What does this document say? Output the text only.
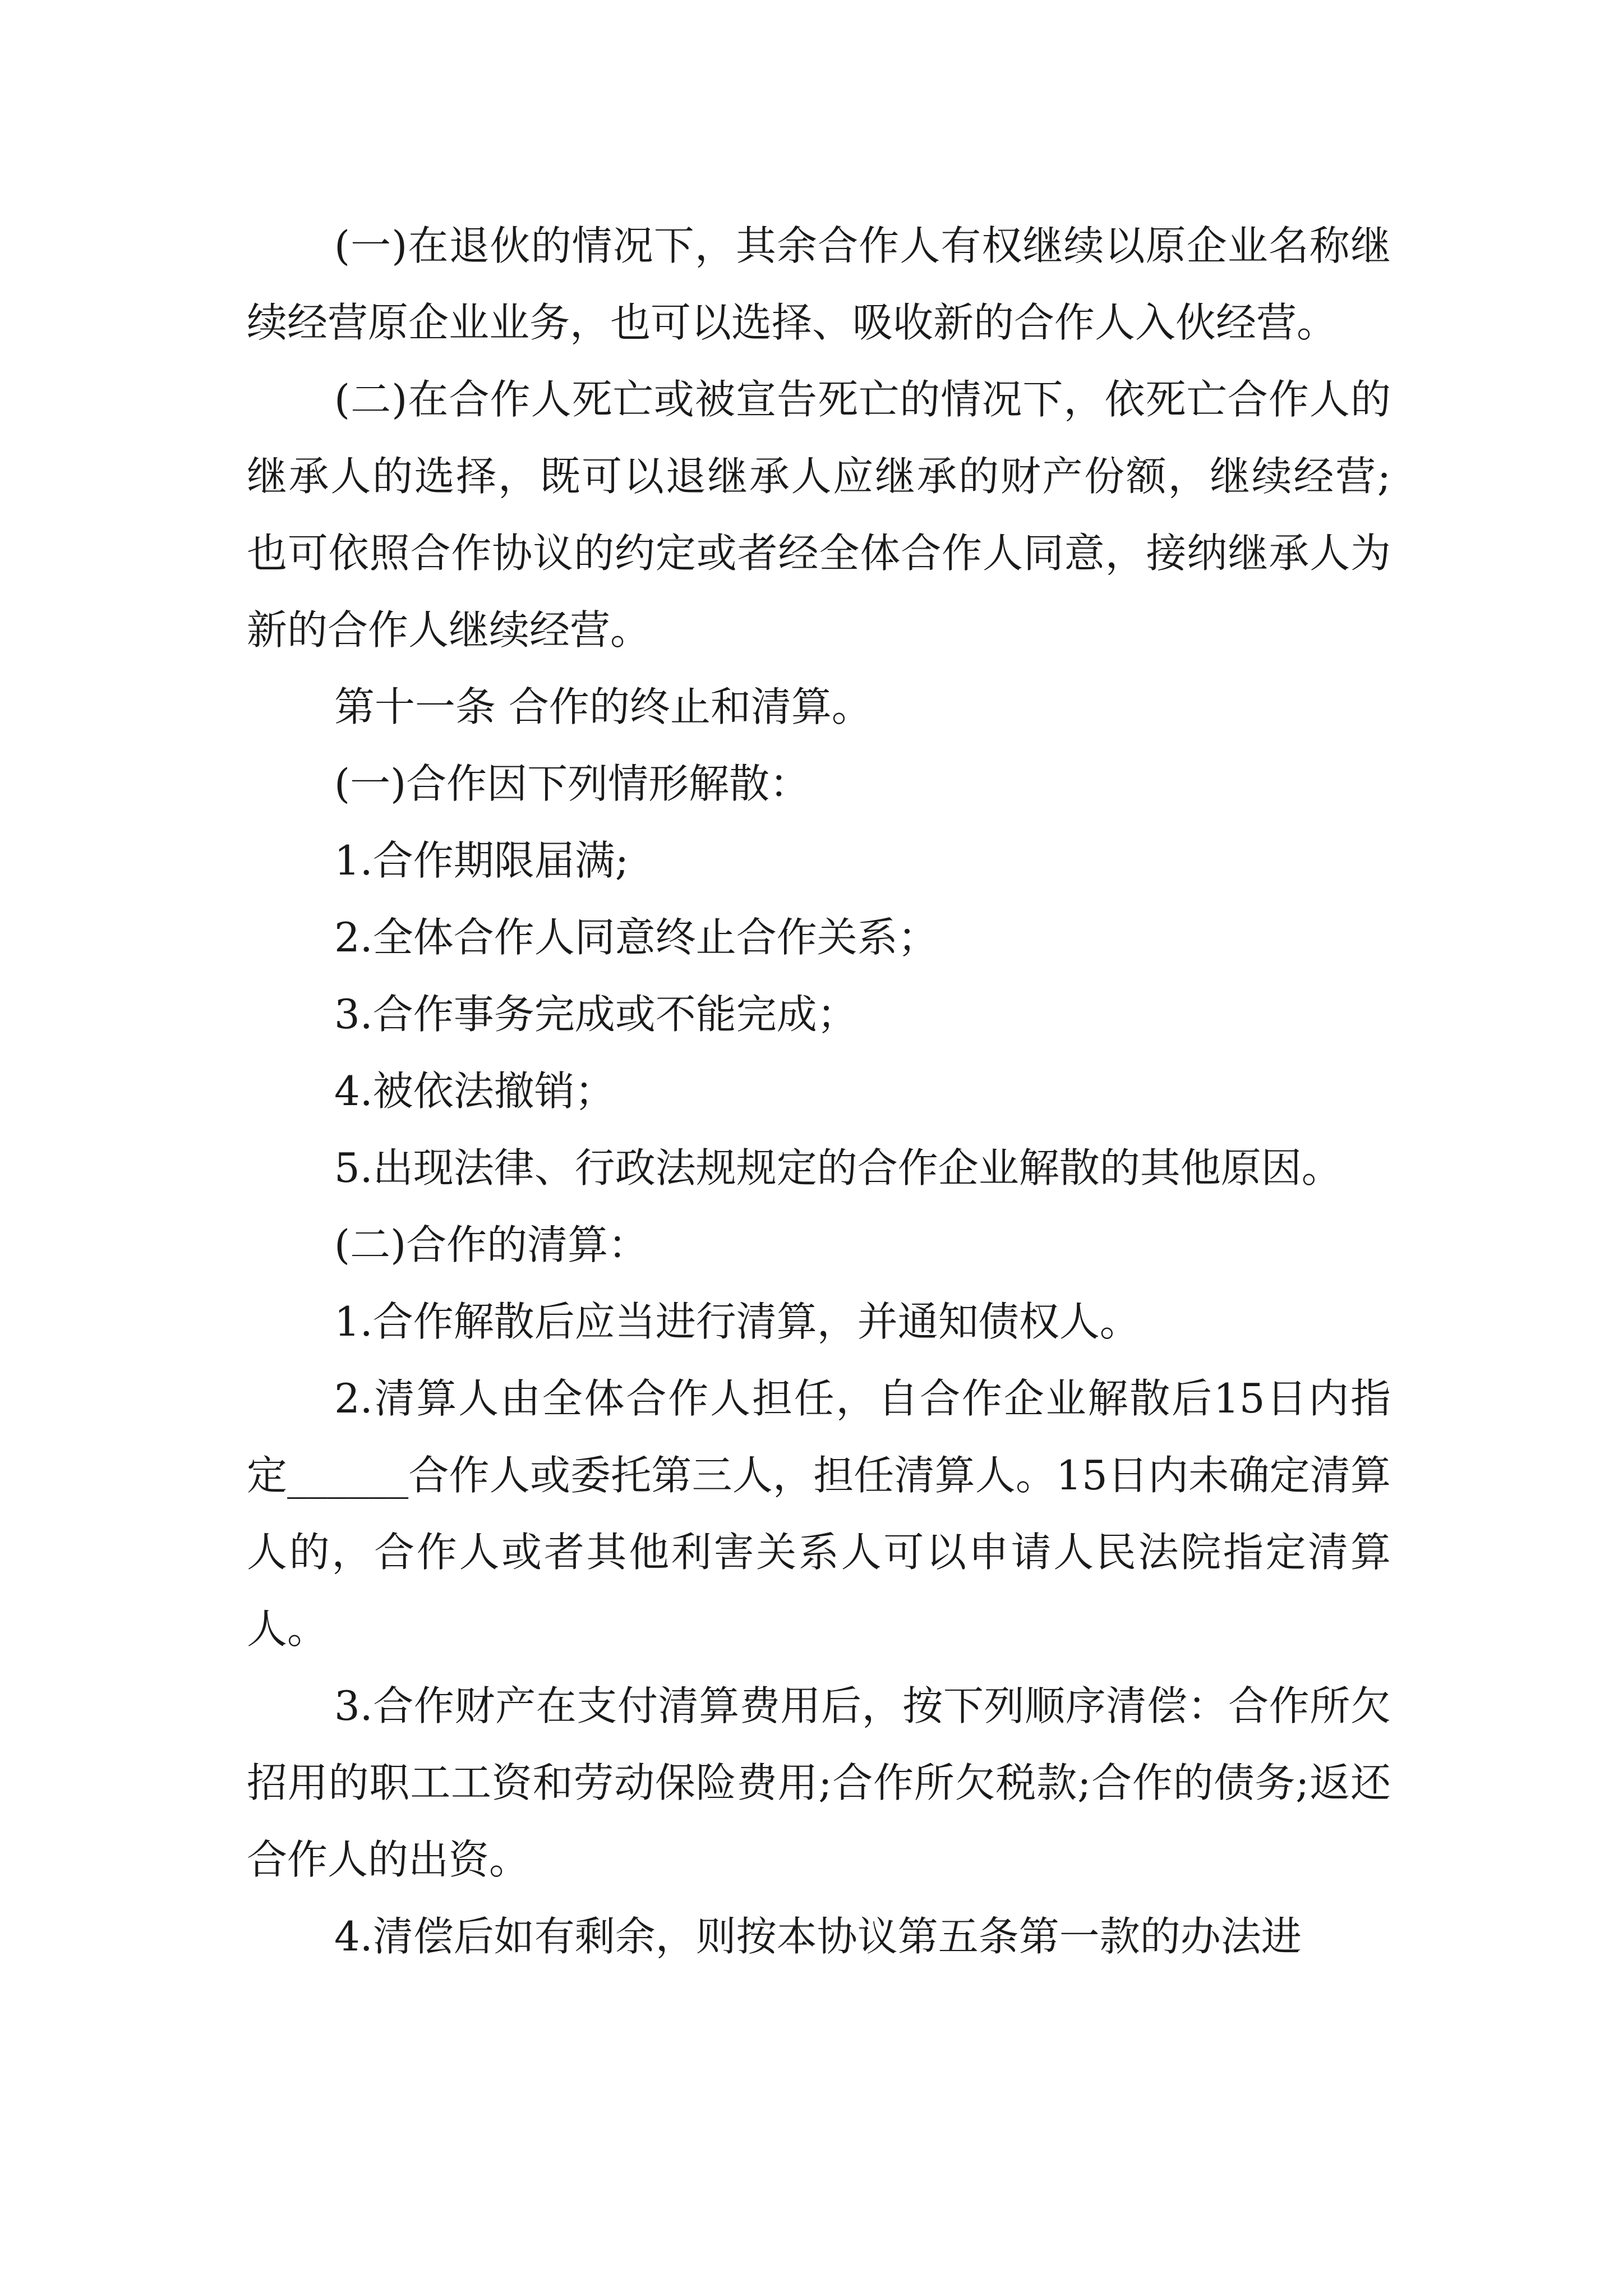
(一)在退伙的情况下，其余合作人有权继续以原企业名称继续经营原企业业务，也可以选择、吸收新的合作人入伙经营。

(二)在合作人死亡或被宣告死亡的情况下，依死亡合作人的继承人的选择，既可以退继承人应继承的财产份额，继续经营;也可依照合作协议的约定或者经全体合作人同意，接纳继承人为新的合作人继续经营。

第十一条 合作的终止和清算。

(一)合作因下列情形解散：

1.合作期限届满;

2.全体合作人同意终止合作关系；

3.合作事务完成或不能完成；

4.被依法撤销；

5.出现法律、行政法规规定的合作企业解散的其他原因。

(二)合作的清算：

1.合作解散后应当进行清算，并通知债权人。

2.清算人由全体合作人担任，自合作企业解散后15日内指定______合作人或委托第三人，担任清算人。15日内未确定清算人的，合作人或者其他利害关系人可以申请人民法院指定清算人。

3.合作财产在支付清算费用后，按下列顺序清偿：合作所欠招用的职工工资和劳动保险费用;合作所欠税款;合作的债务;返还合作人的出资。

4.清偿后如有剩余，则按本协议第五条第一款的办法进
